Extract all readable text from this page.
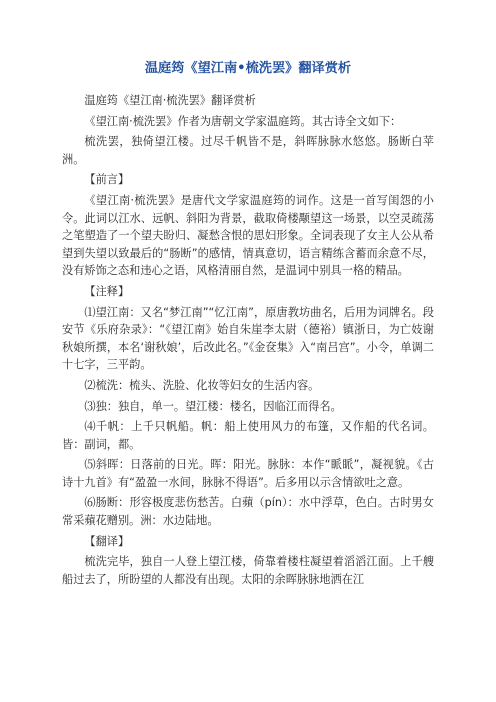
温庭筠《望江南•梳洗罢》翻译赏析

温庭筠《望江南·梳洗罢》翻译赏析

《望江南·梳洗罢》作者为唐朝文学家温庭筠。其古诗全文如下：

梳洗罢，独倚望江楼。过尽千帆皆不是，斜晖脉脉水悠悠。肠断白苹洲。

【前言】

《望江南·梳洗罢》是唐代文学家温庭筠的词作。这是一首写闺怨的小令。此词以江水、远帆、斜阳为背景，截取倚楼颙望这一场景，以空灵疏荡之笔塑造了一个望夫盼归、凝愁含恨的思妇形象。全词表现了女主人公从希望到失望以致最后的“肠断”的感情，情真意切，语言精练含蓄而余意不尽，没有矫饰之态和违心之语，风格清丽自然，是温词中别具一格的精品。

【注释】

⑴望江南：又名“梦江南”“忆江南”，原唐教坊曲名，后用为词牌名。段安节《乐府杂录》：“《望江南》始自朱崖李太尉（德裕）镇浙日，为亡妓谢秋娘所撰，本名‘谢秋娘’，后改此名。”《金奁集》入“南吕宫”。小令，单调二十七字，三平韵。

⑵梳洗：梳头、洗脸、化妆等妇女的生活内容。

⑶独：独自，单一。望江楼：楼名，因临江而得名。

⑷千帆：上千只帆船。帆：船上使用风力的布篷，又作船的代名词。皆：副词，都。

⑸斜晖：日落前的日光。晖：阳光。脉脉：本作“眽眽”，凝视貌。《古诗十九首》有“盈盈一水间，脉脉不得语”。后多用以示含情欲吐之意。

⑹肠断：形容极度悲伤愁苦。白蘋（pín）：水中浮草，色白。古时男女常采蘋花赠别。洲：水边陆地。

【翻译】

梳洗完毕，独自一人登上望江楼，倚靠着楼柱凝望着滔滔江面。上千艘船过去了，所盼望的人都没有出现。太阳的余晖脉脉地洒在江
